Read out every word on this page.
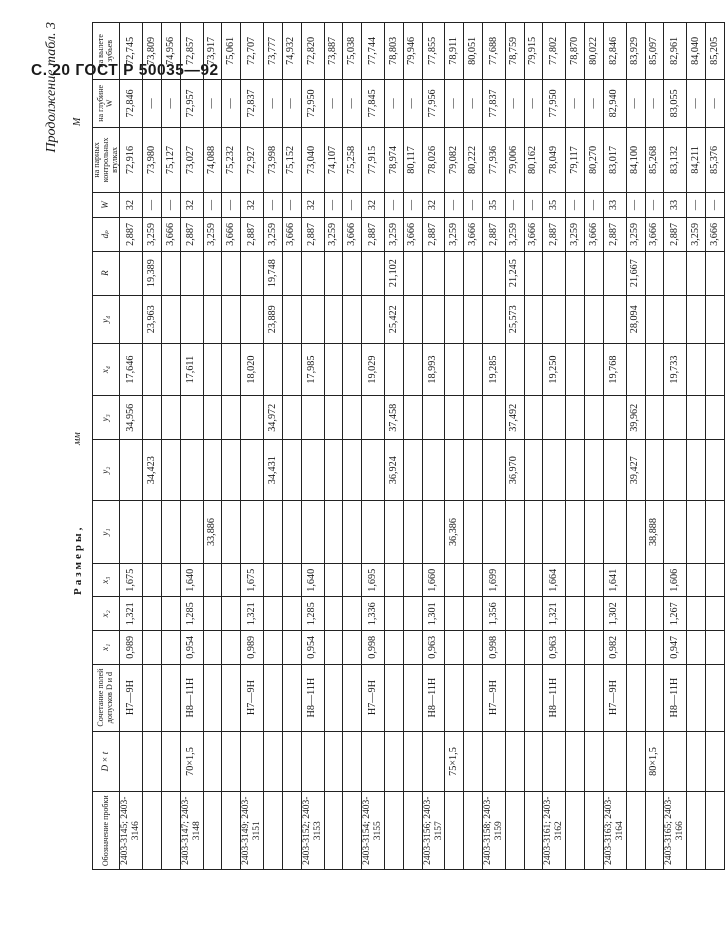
С. 20 ГОСТ Р 50035—92
Продолжение табл. 3
Размеры,
мм
M
Обозначение пробки	D × t	Сочетание полей допусков D и d	x₁	x₂	x₃	y₁	y₂	y₃	x₄	y₄	R	dₚ	W	на парных контрольных втулках	на глубине W	на вылете зубьев
2403-3145; 2403-3146		H7—9H	0,989	1,321	1,675			34,956	17,646			2,887	32	72,916	72,846	72,745
							34,423			23,963	19,389	3,259	—	73,980	—	73,809
												3,666	—	75,127	—	74,956
2403-3147; 2403-3148	70×1,5	H8—11H	0,954	1,285	1,640				17,611			2,887	32	73,027	72,957	72,857
						33,886						3,259	—	74,088	—	73,917
												3,666	—	75,232	—	75,061
2403-3149; 2403-3151		H7—9H	0,989	1,321	1,675				18,020			2,887	32	72,927	72,837	72,707
							34,431	34,972		23,889	19,748	3,259	—	73,998	—	73,777
												3,666	—	75,152	—	74,932
2403-3152; 2403-3153		H8—11H	0,954	1,285	1,640				17,985			2,887	32	73,040	72,950	72,820
												3,259	—	74,107	—	73,887
												3,666	—	75,258	—	75,038
2403-3154; 2403-3155		H7—9H	0,998	1,336	1,695				19,029			2,887	32	77,915	77,845	77,744
							36,924	37,458		25,422	21,102	3,259	—	78,974	—	78,803
												3,666	—	80,117	—	79,946
2403-3156; 2403-3157		H8—11H	0,963	1,301	1,660				18,993			2,887	32	78,026	77,956	77,855
	75×1,5					36,386						3,259	—	79,082	—	78,911
												3,666	—	80,222	—	80,051
2403-3158; 2403-3159		H7—9H	0,998	1,356	1,699				19,285			2,887	35	77,936	77,837	77,688
							36,970	37,492		25,573	21,245	3,259	—	79,006	—	78,759
												3,666	—	80,162	—	79,915
2403-3161; 2403-3162		H8—11H	0,963	1,321	1,664				19,250			2,887	35	78,049	77,950	77,802
												3,259	—	79,117	—	78,870
												3,666	—	80,270	—	80,022
2403-3163; 2403-3164		H7—9H	0,982	1,302	1,641				19,768			2,887	33	83,017	82,940	82,846
							39,427	39,962		28,094	21,667	3,259	—	84,100	—	83,929
	80×1,5					38,888						3,666	—	85,268	—	85,097
2403-3165; 2403-3166		H8—11H	0,947	1,267	1,606				19,733			2,887	33	83,132	83,055	82,961
												3,259	—	84,211	—	84,040
												3,666	—	85,376	—	85,205
